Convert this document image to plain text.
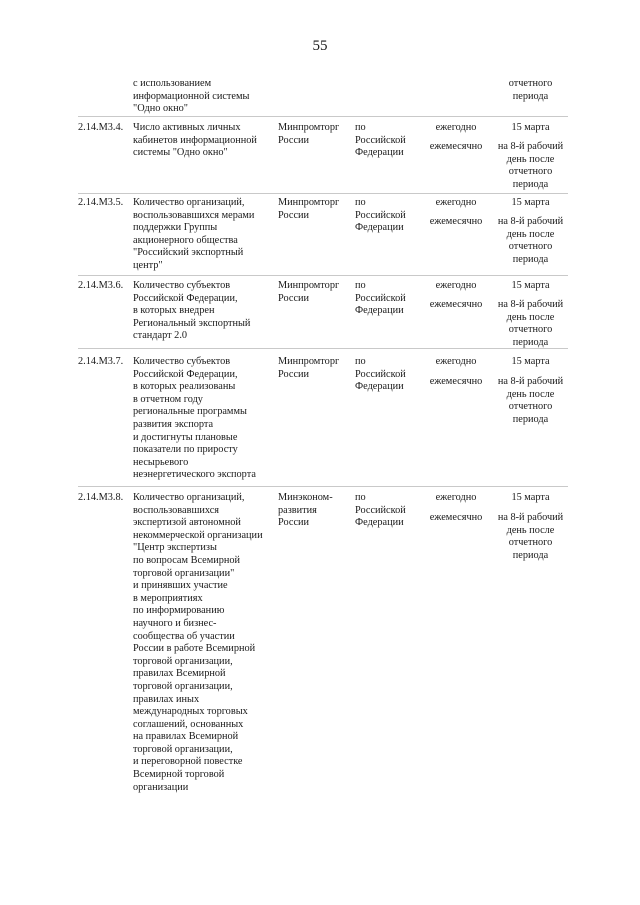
55
с использованием
информационной системы
"Одно окно"
отчетного
периода
2.14.М3.4. Число активных личных
кабинетов информационной
системы "Одно окно"
Минпромторг
России
по
Российской
Федерации
ежегодно
ежемесячно
15 марта
на 8-й рабочий
день после
отчетного
периода
2.14.М3.5. Количество организаций,
воспользовавшихся мерами
поддержки Группы
акционерного общества
"Российский экспортный
центр"
Минпромторг
России
по
Российской
Федерации
ежегодно
ежемесячно
15 марта
на 8-й рабочий
день после
отчетного
периода
2.14.М3.6. Количество субъектов
Российской Федерации,
в которых внедрен
Региональный экспортный
стандарт 2.0
Минпромторг
России
по
Российской
Федерации
ежегодно
ежемесячно
15 марта
на 8-й рабочий
день после
отчетного
периода
2.14.М3.7. Количество субъектов
Российской Федерации,
в которых реализованы
в отчетном году
региональные программы
развития экспорта
и достигнуты плановые
показатели по приросту
несырьевого
неэнергетического экспорта
Минпромторг
России
по
Российской
Федерации
ежегодно
ежемесячно
15 марта
на 8-й рабочий
день после
отчетного
периода
2.14.М3.8. Количество организаций,
воспользовавшихся
экспертизой автономной
некоммерческой организации
"Центр экспертизы
по вопросам Всемирной
торговой организации"
и принявших участие
в мероприятиях
по информированию
научного и бизнес-
сообщества об участии
России в работе Всемирной
торговой организации,
правилах Всемирной
торговой организации,
правилах иных
международных торговых
соглашений, основанных
на правилах Всемирной
торговой организации,
и переговорной повестке
Всемирной торговой
организации
Минэконом-
развития
России
по
Российской
Федерации
ежегодно
ежемесячно
15 марта
на 8-й рабочий
день после
отчетного
периода
